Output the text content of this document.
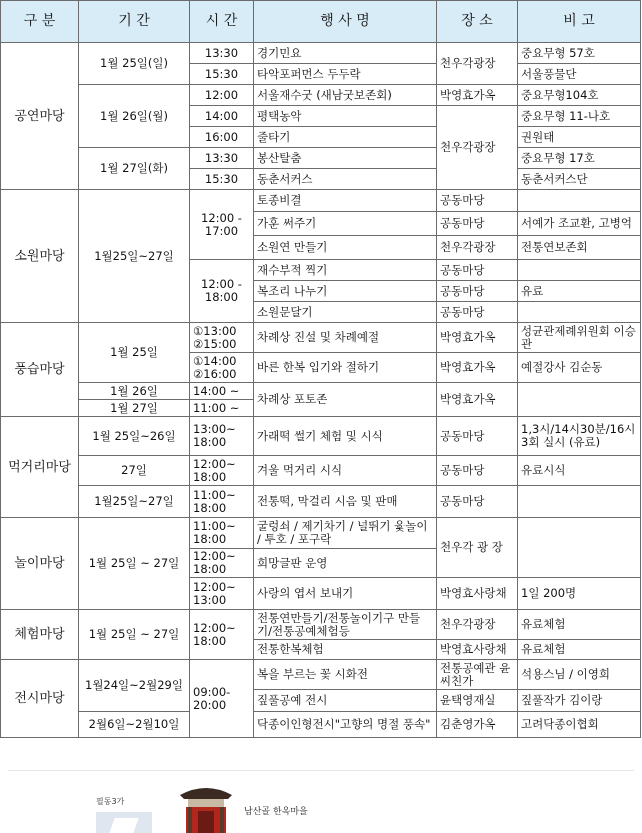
구 분	기 간	시 간	행 사 명	장 소	비 고
공연마당	1월 25일(일)	13:30	경기민요	천우각광장	중요무형 57호
		15:30	타악포퍼먼스 두두락		서울풍물단
	1월 26일(월)	12:00	서울재수굿 (새남굿보존회)	박영효가옥	중요무형104호
		14:00	평택농악	천우각광장	중요무형 11-나호
		16:00	줄타기		권원태
	1월 27일(화)	13:30	봉산탈춤		중요무형 17호
		15:30	동춘서커스		동춘서커스단
소원마당	1월25일~27일	12:00 - 17:00	토종비결	공동마당	
			가훈 써주기	공동마당	서예가 조교환, 고병억
			소원연 만들기	천우각광장	전통연보존회
		12:00 - 18:00	재수부적 찍기	공동마당	
			복조리 나누기	공동마당	유료
			소원문달기	공동마당	
풍습마당	1월 25일	①13:00 ②15:00	차례상 진설 및 차례예절	박영효가옥	성균관제례위원회 이승관
		①14:00 ②16:00	바른 한복 입기와 절하기	박영효가옥	예절강사 김순동
	1월 26일	14:00 ~	차례상 포토존	박영효가옥	
	1월 27일	11:00 ~			
먹거리마당	1월 25일~26일	13:00~ 18:00	가래떡 썰기 체험 및 시식	공동마당	1,3시/14시30분/16시 3회 실시 (유료)
	27일	12:00~ 18:00	겨울 먹거리 시식	공동마당	유료시식
	1월25일~27일	11:00~ 18:00	전통떡, 막걸리 시음 및 판매	공동마당	
놀이마당	1월 25일 ~ 27일	11:00~ 18:00	굴렁쇠 / 제기차기 / 널뛰기 윷놀이 / 투호 / 포구락	천우각 광 장	
		12:00~ 18:00	희망글판 운영		
		12:00~ 13:00	사랑의 엽서 보내기	박영효사랑채	1일 200명
체험마당	1월 25일 ~ 27일	12:00~ 18:00	전통연만들기/전통놀이기구 만들기/전통공예체험등	천우각광장	유료체험
			전통한복체험	박영효사랑채	유료체험
전시마당	1월24일~2월29일	09:00- 20:00	복을 부르는 꽃 시화전	전통공예관 윤씨친가	석용스님 / 이영희
			짚풀공예 전시	윤택영재실	짚풀작가 김이랑
	2월6일~2월10일		닥종이인형전시"고향의 명절 풍속"	김춘영가옥	고려닥종이협회
필동3가
남산골 한옥마을
